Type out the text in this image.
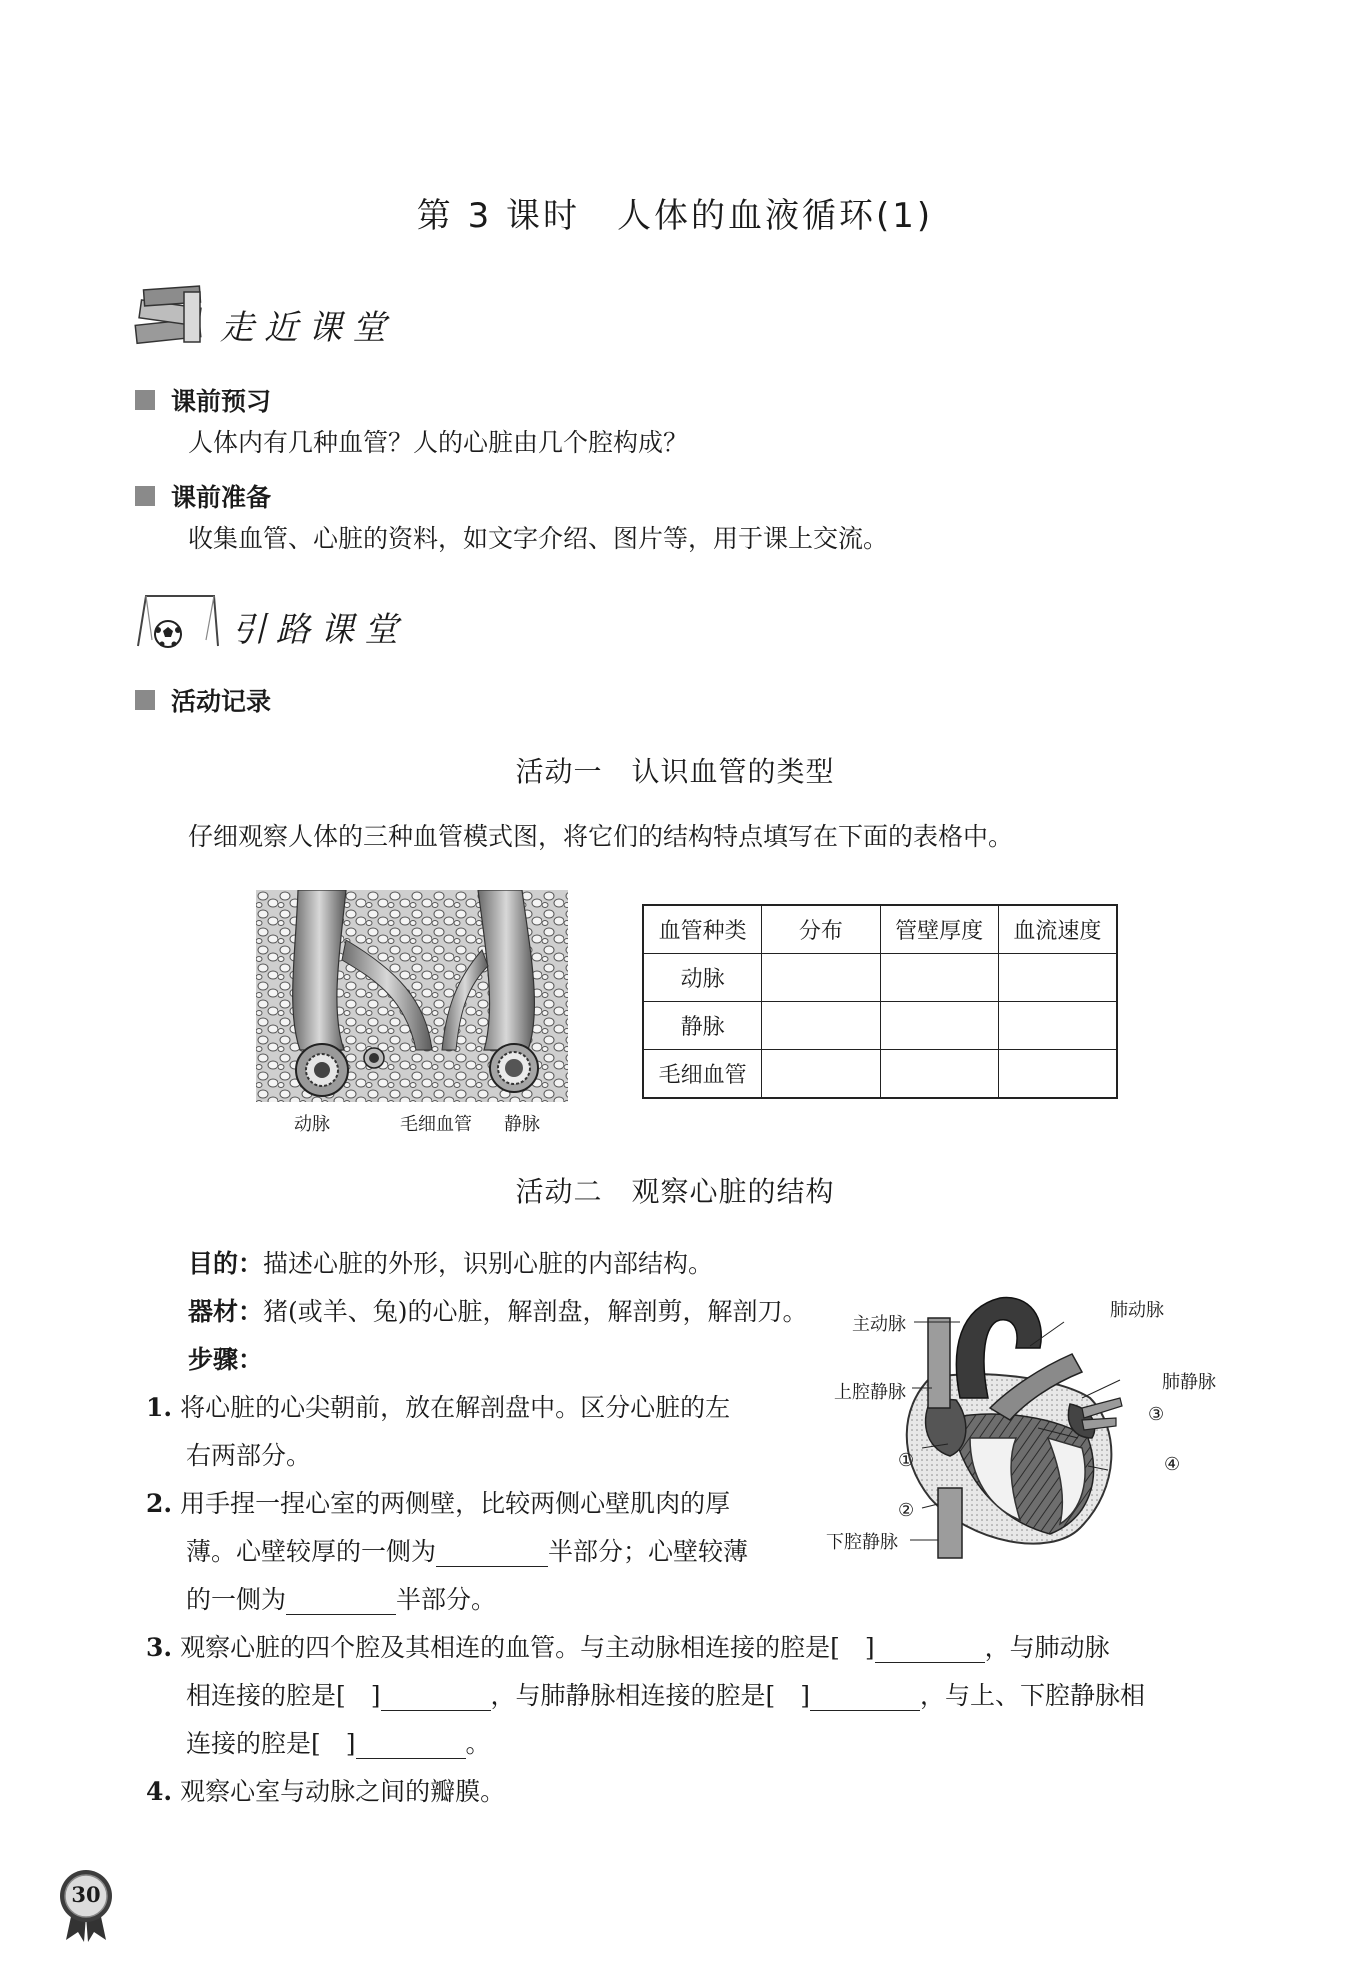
第 3 课时　人体的血液循环(1)
走近课堂
课前预习
人体内有几种血管？人的心脏由几个腔构成？
课前准备
收集血管、心脏的资料，如文字介绍、图片等，用于课上交流。
引路课堂
活动记录
活动一　认识血管的类型
仔细观察人体的三种血管模式图，将它们的结构特点填写在下面的表格中。
动脉	毛细血管 静脉
血管种类	分布	管壁厚度	血流速度
动脉			
静脉			
毛细血管			
活动二　观察心脏的结构
目的：描述心脏的外形，识别心脏的内部结构。
器材：猪(或羊、兔)的心脏，解剖盘，解剖剪，解剖刀。
步骤：
1. 将心脏的心尖朝前，放在解剖盘中。区分心脏的左
右两部分。
2. 用手捏一捏心室的两侧壁，比较两侧心壁肌肉的厚
薄。心壁较厚的一侧为	半部分；心壁较薄
的一侧为	半部分。
3. 观察心脏的四个腔及其相连的血管。与主动脉相连接的腔是[　]	，与肺动脉
相连接的腔是[　]	，与肺静脉相连接的腔是[　]	，与上、下腔静脉相
连接的腔是[　]	。
4. 观察心室与动脉之间的瓣膜。
主动脉
肺动脉
上腔静脉	肺静脉
③
①	④
②
下腔静脉
30
